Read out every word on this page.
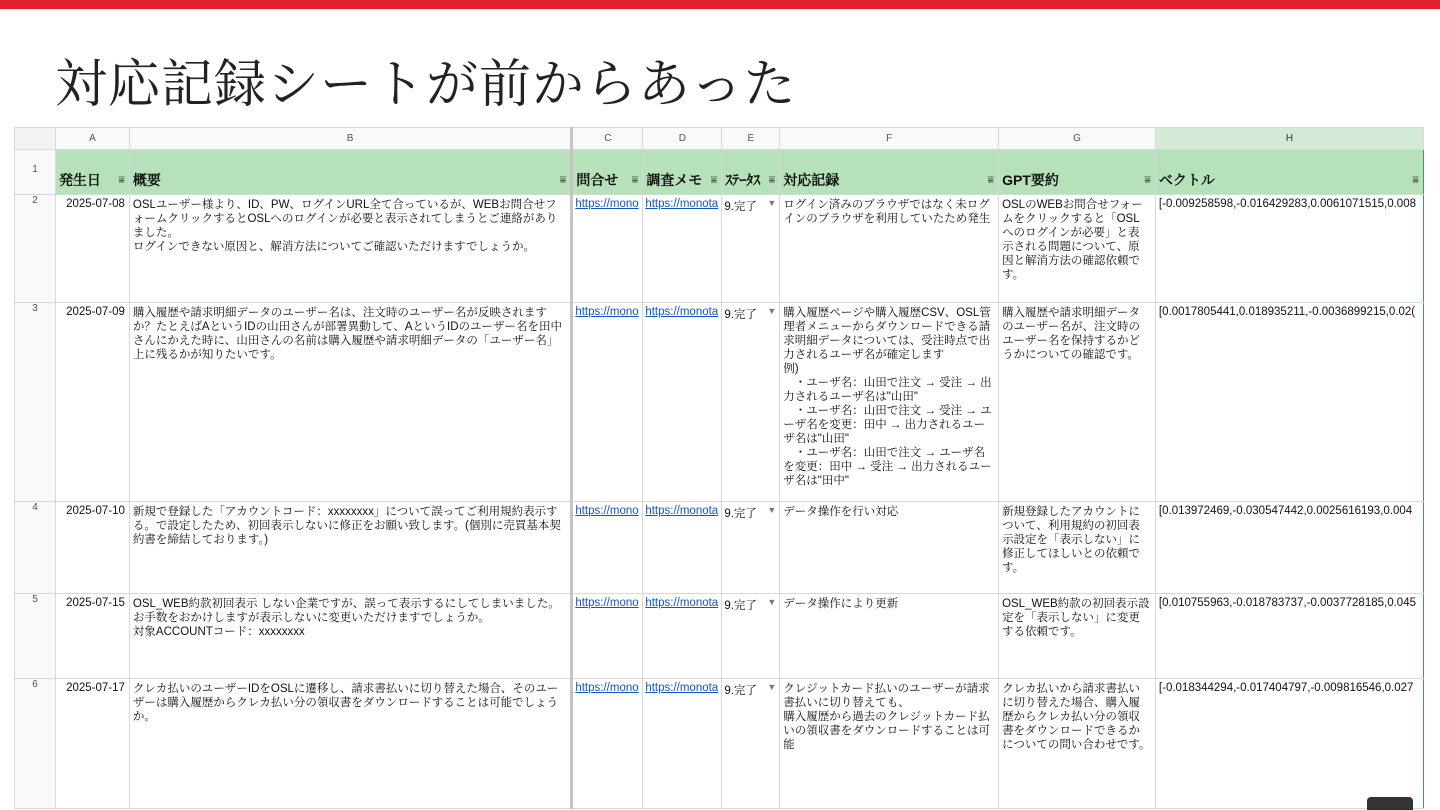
対応記録シートが前からあった
	A	B	C	D	E	F	G	H
1	発生日 ⩸	概要 ⩸	問合せ ⩸	調査メモ ⩸	ｽﾃｰﾀｽ ⩸	対応記録 ⩸	GPT要約 ⩸	ベクトル ⩸

2	2025-07-08	OSLユーザー様より、ID、PW、ログインURL全て合っているが、WEBお問合せフォームクリックするとOSLへのログインが必要と表示されてしまうとご連絡がありました。
ログインできない原因と、解消方法についてご確認いただけますでしょうか。	https://mono	https://monota	9.完了 ▼	ログイン済みのブラウザではなく未ログインのブラウザを利用していたため発生	OSLのWEBお問合せフォームをクリックすると「OSLへのログインが必要」と表示される問題について、原因と解消方法の確認依頼です。	[-0.009258598,-0.016429283,0.0061071515,0.008
3	2025-07-09	購入履歴や請求明細データのユーザー名は、注文時のユーザー名が反映されますか？たとえばAというIDの山田さんが部署異動して、AというIDのユーザー名を田中さんにかえた時に、山田さんの名前は購入履歴や請求明細データの「ユーザー名」上に残るかが知りたいです。	https://mono	https://monota	9.完了 ▼	購入履歴ページや購入履歴CSV、OSL管理者メニューからダウンロードできる請求明細データについては、受注時点で出力されるユーザ名が確定します
例)
　・ユーザ名：山田で注文 → 受注 → 出力されるユーザ名は"山田"
　・ユーザ名：山田で注文 → 受注 → ユーザ名を変更：田中 → 出力されるユーザ名は"山田"
　・ユーザ名：山田で注文 → ユーザ名を変更：田中 → 受注 → 出力されるユーザ名は"田中"	購入履歴や請求明細データのユーザー名が、注文時のユーザー名を保持するかどうかについての確認です。	[0.0017805441,0.018935211,-0.0036899215,0.02(
4	2025-07-10	新規で登録した「アカウントコード：xxxxxxxx」について誤ってご利用規約表示する。で設定したため、初回表示しないに修正をお願い致します。(個別に売買基本契約書を締結しております。)	https://mono	https://monota	9.完了 ▼	データ操作を行い対応	新規登録したアカウントについて、利用規約の初回表示設定を「表示しない」に修正してほしいとの依頼です。	[0.013972469,-0.030547442,0.0025616193,0.004
5	2025-07-15	OSL_WEB約款初回表示 しない企業ですが、誤って表示するにしてしまいました。
お手数をおかけしますが表示しないに変更いただけますでしょうか。
対象ACCOUNTコード：xxxxxxxx	https://mono	https://monota	9.完了 ▼	データ操作により更新	OSL_WEB約款の初回表示設定を「表示しない」に変更する依頼です。	[0.010755963,-0.018783737,-0.0037728185,0.045
6	2025-07-17	クレカ払いのユーザーIDをOSLに遷移し、請求書払いに切り替えた場合、そのユーザーは購入履歴からクレカ払い分の領収書をダウンロードすることは可能でしょうか。	https://mono	https://monota	9.完了 ▼	クレジットカード払いのユーザーが請求書払いに切り替えても、
購入履歴から過去のクレジットカード払いの領収書をダウンロードすることは可能	クレカ払いから請求書払いに切り替えた場合、購入履歴からクレカ払い分の領収書をダウンロードできるかについての問い合わせです。	[-0.018344294,-0.017404797,-0.009816546,0.027
